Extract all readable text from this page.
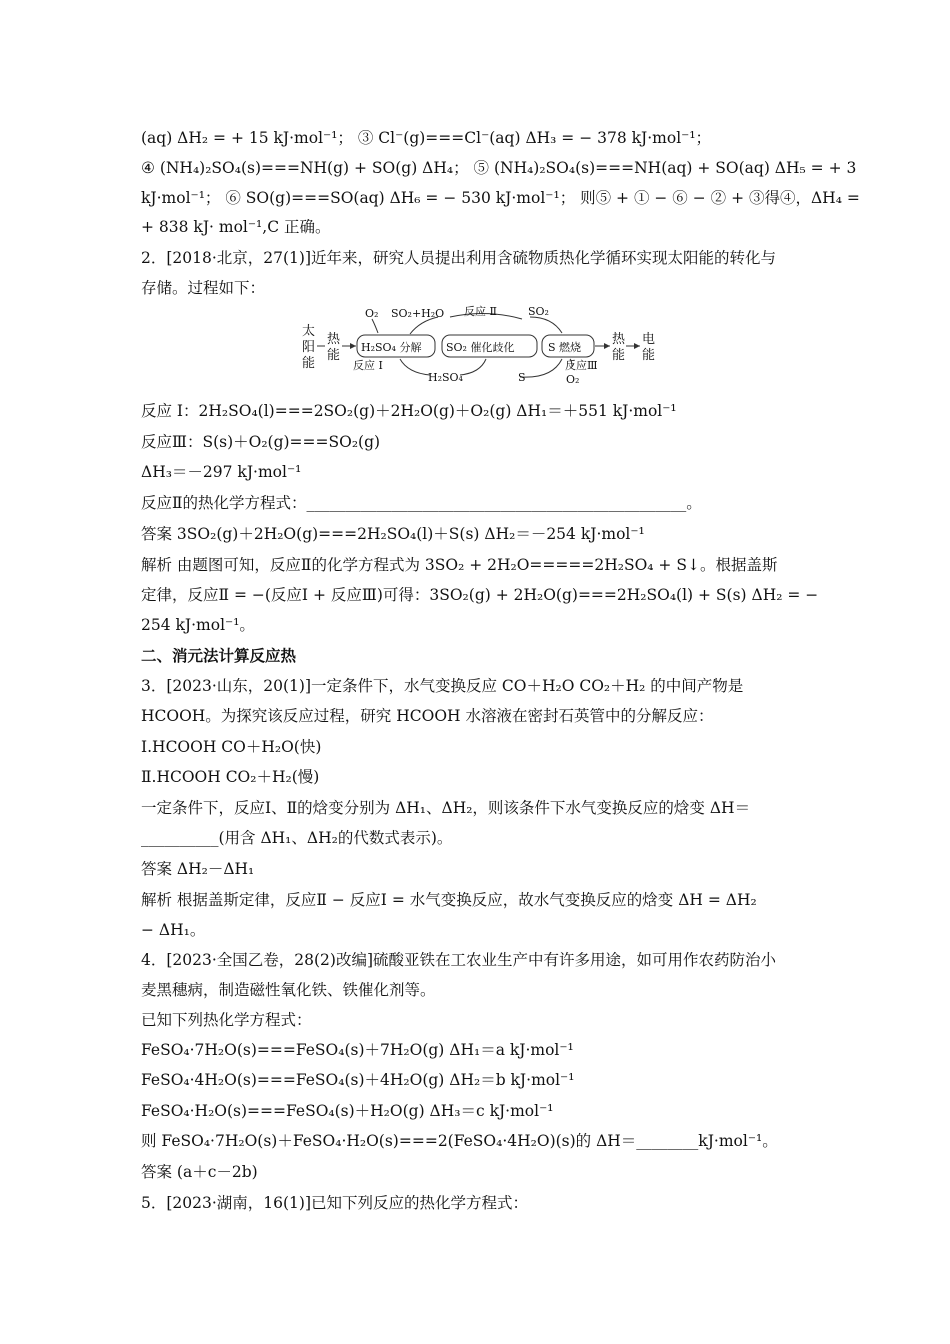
(aq) ΔH₂ = + 15 kJ·mol⁻¹； ③ Cl⁻(g)===Cl⁻(aq) ΔH₃ = − 378 kJ·mol⁻¹；
④ (NH₄)₂SO₄(s)===NH(g) + SO(g) ΔH₄； ⑤ (NH₄)₂SO₄(s)===NH(aq) + SO(aq) ΔH₅ = + 3
kJ·mol⁻¹； ⑥ SO(g)===SO(aq) ΔH₆ = − 530 kJ·mol⁻¹； 则⑤ + ① − ⑥ − ② + ③得④，ΔH₄ =
+ 838 kJ· mol⁻¹,C 正确。
2．[2018·北京，27(1)]近年来，研究人员提出利用含硫物质热化学循环实现太阳能的转化与
存储。过程如下：
太
阳
能
热
能
热
能
电
能
H₂SO₄ 分解 SO₂ 催化歧化	S 燃烧
O₂ SO₂+H₂O 反应 Ⅱ	SO₂
反应 Ⅰ
H₂SO₄	S
反应Ⅲ
O₂
反应 Ⅰ：2H₂SO₄(l)===2SO₂(g)＋2H₂O(g)＋O₂(g) ΔH₁＝＋551 kJ·mol⁻¹
反应Ⅲ：S(s)＋O₂(g)===SO₂(g)
ΔH₃＝－297 kJ·mol⁻¹
反应Ⅱ的热化学方程式：_________________________________________________。
答案 3SO₂(g)＋2H₂O(g)===2H₂SO₄(l)＋S(s) ΔH₂＝－254 kJ·mol⁻¹
解析 由题图可知，反应Ⅱ的化学方程式为 3SO₂ + 2H₂O=====2H₂SO₄ + S↓。根据盖斯
定律，反应Ⅱ = −(反应Ⅰ + 反应Ⅲ)可得：3SO₂(g) + 2H₂O(g)===2H₂SO₄(l) + S(s) ΔH₂ = −
254 kJ·mol⁻¹。
二、消元法计算反应热
3．[2023·山东，20(1)]一定条件下，水气变换反应 CO＋H₂O CO₂＋H₂ 的中间产物是
HCOOH。为探究该反应过程，研究 HCOOH 水溶液在密封石英管中的分解反应：
Ⅰ.HCOOH CO＋H₂O(快)
Ⅱ.HCOOH CO₂＋H₂(慢)
一定条件下，反应Ⅰ、Ⅱ的焓变分别为 ΔH₁、ΔH₂，则该条件下水气变换反应的焓变 ΔH＝
__________(用含 ΔH₁、ΔH₂的代数式表示)。
答案 ΔH₂－ΔH₁
解析 根据盖斯定律，反应Ⅱ − 反应Ⅰ = 水气变换反应，故水气变换反应的焓变 ΔH = ΔH₂
− ΔH₁。
4．[2023·全国乙卷，28(2)改编]硫酸亚铁在工农业生产中有许多用途，如可用作农药防治小
麦黑穗病，制造磁性氧化铁、铁催化剂等。
已知下列热化学方程式：
FeSO₄·7H₂O(s)===FeSO₄(s)＋7H₂O(g) ΔH₁＝a kJ·mol⁻¹
FeSO₄·4H₂O(s)===FeSO₄(s)＋4H₂O(g) ΔH₂＝b kJ·mol⁻¹
FeSO₄·H₂O(s)===FeSO₄(s)＋H₂O(g) ΔH₃＝c kJ·mol⁻¹
则 FeSO₄·7H₂O(s)＋FeSO₄·H₂O(s)===2(FeSO₄·4H₂O)(s)的 ΔH＝________kJ·mol⁻¹。
答案 (a＋c－2b)
5．[2023·湖南，16(1)]已知下列反应的热化学方程式：
